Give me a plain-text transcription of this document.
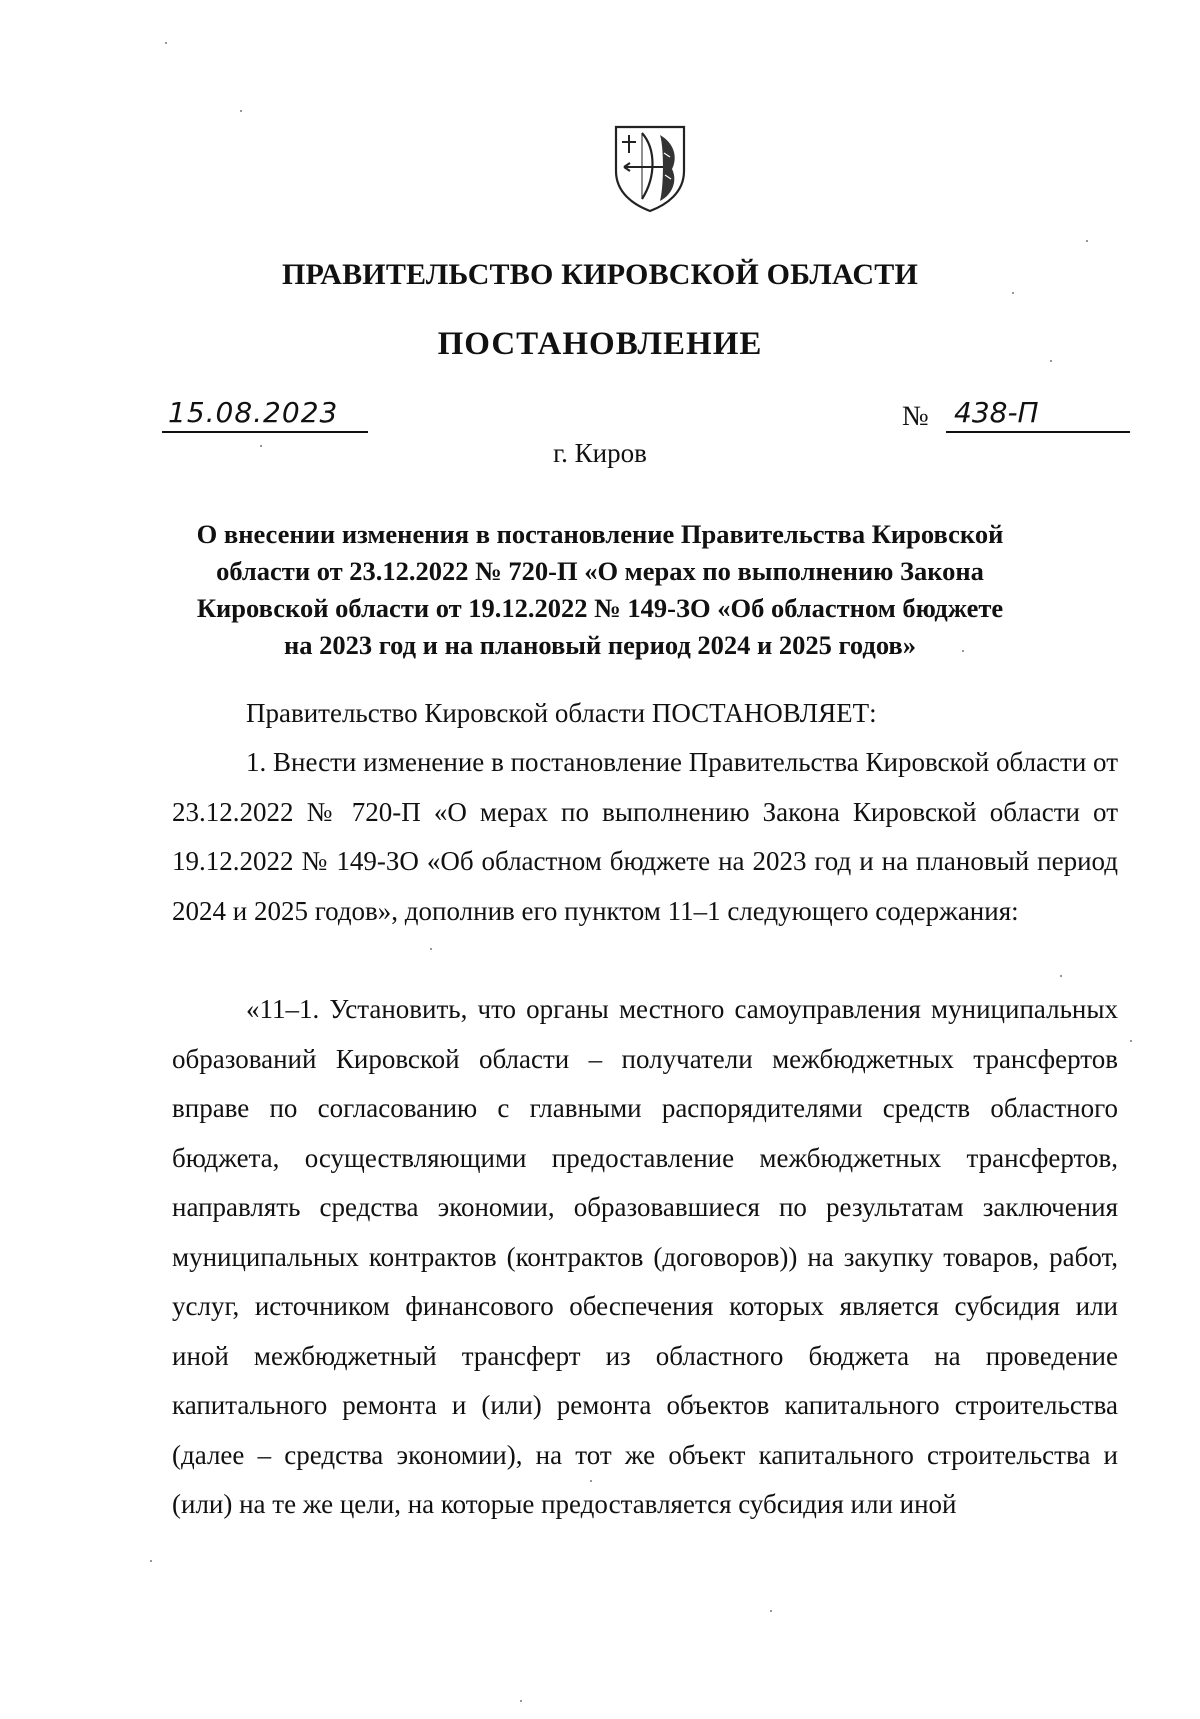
ПРАВИТЕЛЬСТВО КИРОВСКОЙ ОБЛАСТИ
ПОСТАНОВЛЕНИЕ
15.08.2023	№ 438-П
г. Киров
О внесении изменения в постановление Правительства Кировской
области от 23.12.2022 № 720-П «О мерах по выполнению Закона
Кировской области от 19.12.2022 № 149-ЗО «Об областном бюджете
на 2023 год и на плановый период 2024 и 2025 годов»
Правительство Кировской области ПОСТАНОВЛЯЕТ:
1. Внести изменение в постановление Правительства Кировской области от 23.12.2022 № 720-П «О мерах по выполнению Закона Кировской области от 19.12.2022 № 149-ЗО «Об областном бюджете на 2023 год и на плановый период 2024 и 2025 годов», дополнив его пунктом 11–1 следующего содержания:
«11–1. Установить, что органы местного самоуправления муниципальных образований Кировской области – получатели межбюджетных трансфертов вправе по согласованию с главными распорядителями средств областного бюджета, осуществляющими предоставление межбюджетных трансфертов, направлять средства экономии, образовавшиеся по результатам заключения муниципальных контрактов (контрактов (договоров)) на закупку товаров, работ, услуг, источником финансового обеспечения которых является субсидия или иной межбюджетный трансферт из областного бюджета на проведение капитального ремонта и (или) ремонта объектов капитального строительства (далее – средства экономии), на тот же объект капитального строительства и (или) на те же цели, на которые предоставляется субсидия или иной
